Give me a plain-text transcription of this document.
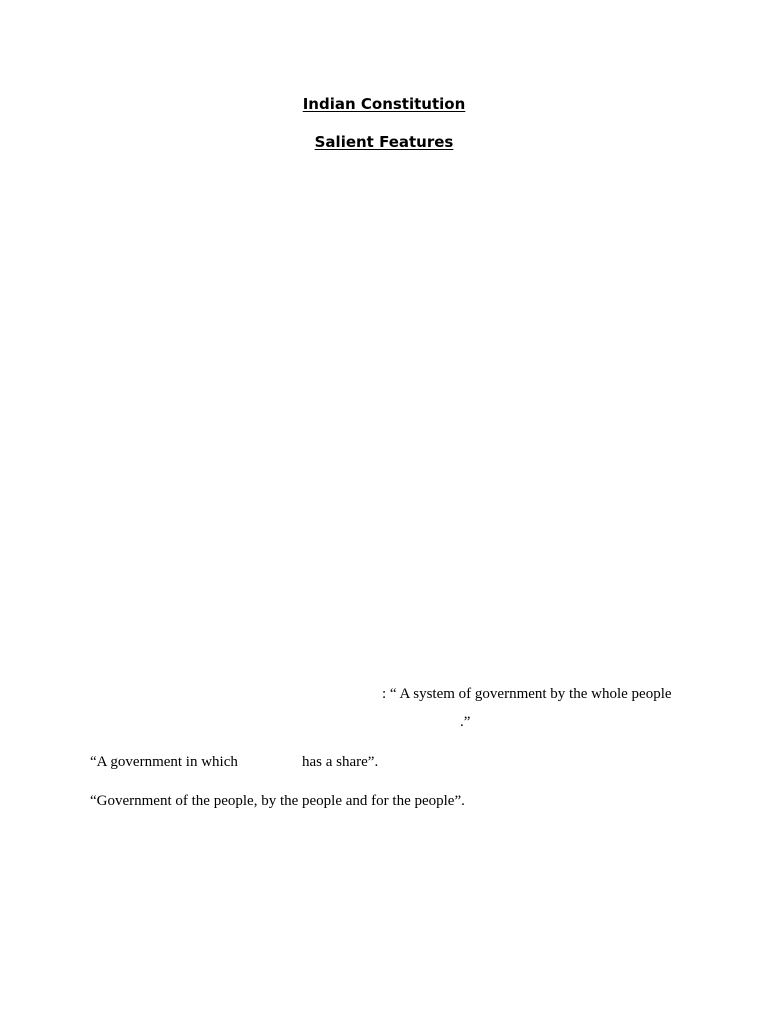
Indian Constitution
Salient Features

: “ A system of government by the whole people

.”

“A government in which	has a share”.

“Government of the people, by the people and for the people”.
